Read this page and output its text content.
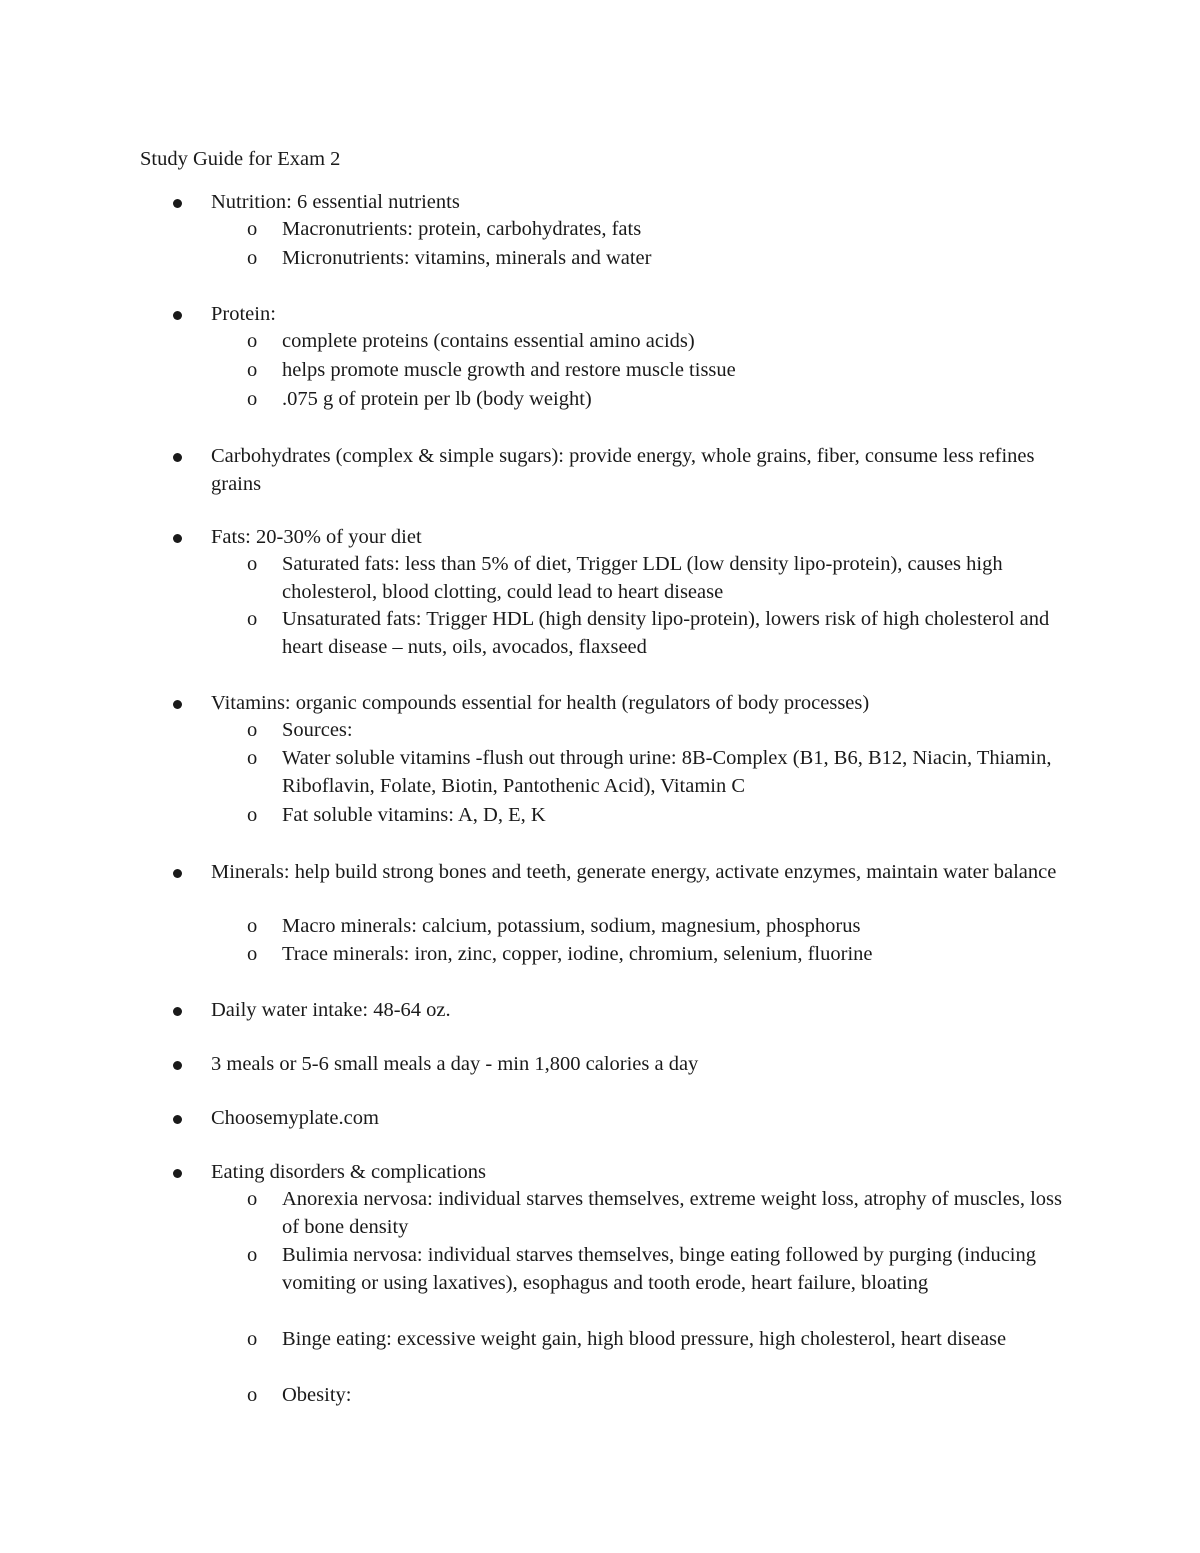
Study Guide for Exam 2
Nutrition: 6 essential nutrients
o Macronutrients: protein, carbohydrates, fats
o Micronutrients: vitamins, minerals and water
Protein:
o complete proteins (contains essential amino acids)
o helps promote muscle growth and restore muscle tissue
o .075 g of protein per lb (body weight)
Carbohydrates (complex & simple sugars): provide energy, whole grains, fiber, consume less refines grains
Fats: 20-30% of your diet
o Saturated fats: less than 5% of diet, Trigger LDL (low density lipo-protein), causes high cholesterol, blood clotting, could lead to heart disease
o Unsaturated fats: Trigger HDL (high density lipo-protein), lowers risk of high cholesterol and heart disease – nuts, oils, avocados, flaxseed
Vitamins: organic compounds essential for health (regulators of body processes)
o Sources:
o Water soluble vitamins -flush out through urine: 8B-Complex (B1, B6, B12, Niacin, Thiamin, Riboflavin, Folate, Biotin, Pantothenic Acid), Vitamin C
o Fat soluble vitamins: A, D, E, K
Minerals: help build strong bones and teeth, generate energy, activate enzymes, maintain water balance
o Macro minerals: calcium, potassium, sodium, magnesium, phosphorus
o Trace minerals: iron, zinc, copper, iodine, chromium, selenium, fluorine
Daily water intake: 48-64 oz.
3 meals or 5-6 small meals a day - min 1,800 calories a day
Choosemyplate.com
Eating disorders & complications
o Anorexia nervosa: individual starves themselves, extreme weight loss, atrophy of muscles, loss of bone density
o Bulimia nervosa: individual starves themselves, binge eating followed by purging (inducing vomiting or using laxatives), esophagus and tooth erode, heart failure, bloating
o Binge eating: excessive weight gain, high blood pressure, high cholesterol, heart disease
o Obesity:
